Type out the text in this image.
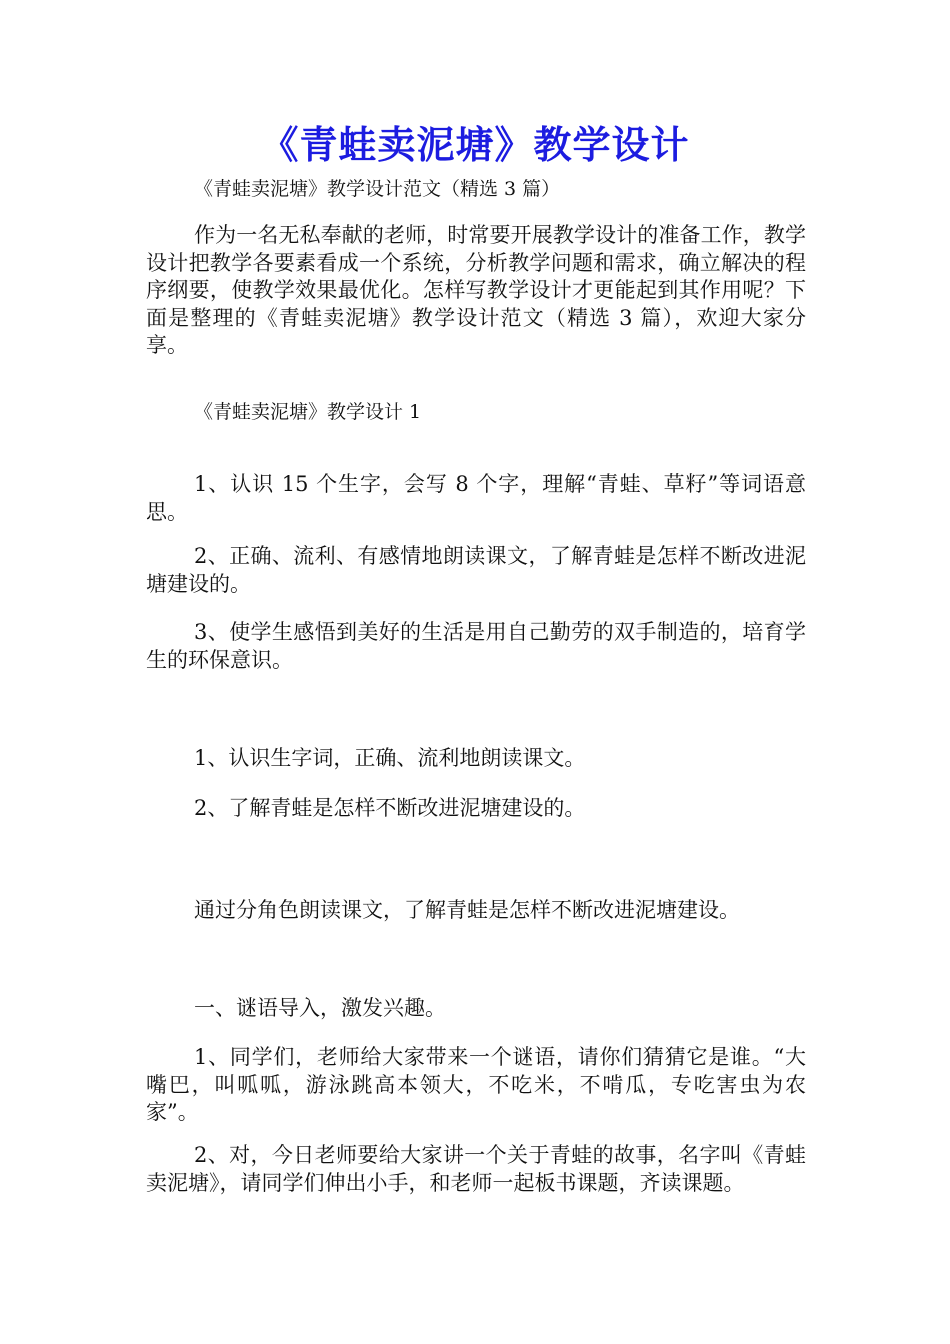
《青蛙卖泥塘》教学设计
《青蛙卖泥塘》教学设计范文（精选 3 篇）

作为一名无私奉献的老师，时常要开展教学设计的准备工作，教学设计把教学各要素看成一个系统，分析教学问题和需求，确立解决的程序纲要，使教学效果最优化。怎样写教学设计才更能起到其作用呢？下面是整理的《青蛙卖泥塘》教学设计范文（精选 3 篇），欢迎大家分享。

《青蛙卖泥塘》教学设计 1

1、认识 15 个生字，会写 8 个字，理解“青蛙、草籽”等词语意思。

2、正确、流利、有感情地朗读课文，了解青蛙是怎样不断改进泥塘建设的。

3、使学生感悟到美好的生活是用自己勤劳的双手制造的，培育学生的环保意识。

1、认识生字词，正确、流利地朗读课文。

2、了解青蛙是怎样不断改进泥塘建设的。

通过分角色朗读课文，了解青蛙是怎样不断改进泥塘建设。

一、谜语导入，激发兴趣。

1、同学们，老师给大家带来一个谜语，请你们猜猜它是谁。“大嘴巴，叫呱呱，游泳跳高本领大，不吃米，不啃瓜，专吃害虫为农家”。

2、对，今日老师要给大家讲一个关于青蛙的故事，名字叫《青蛙卖泥塘》，请同学们伸出小手，和老师一起板书课题，齐读课题。
